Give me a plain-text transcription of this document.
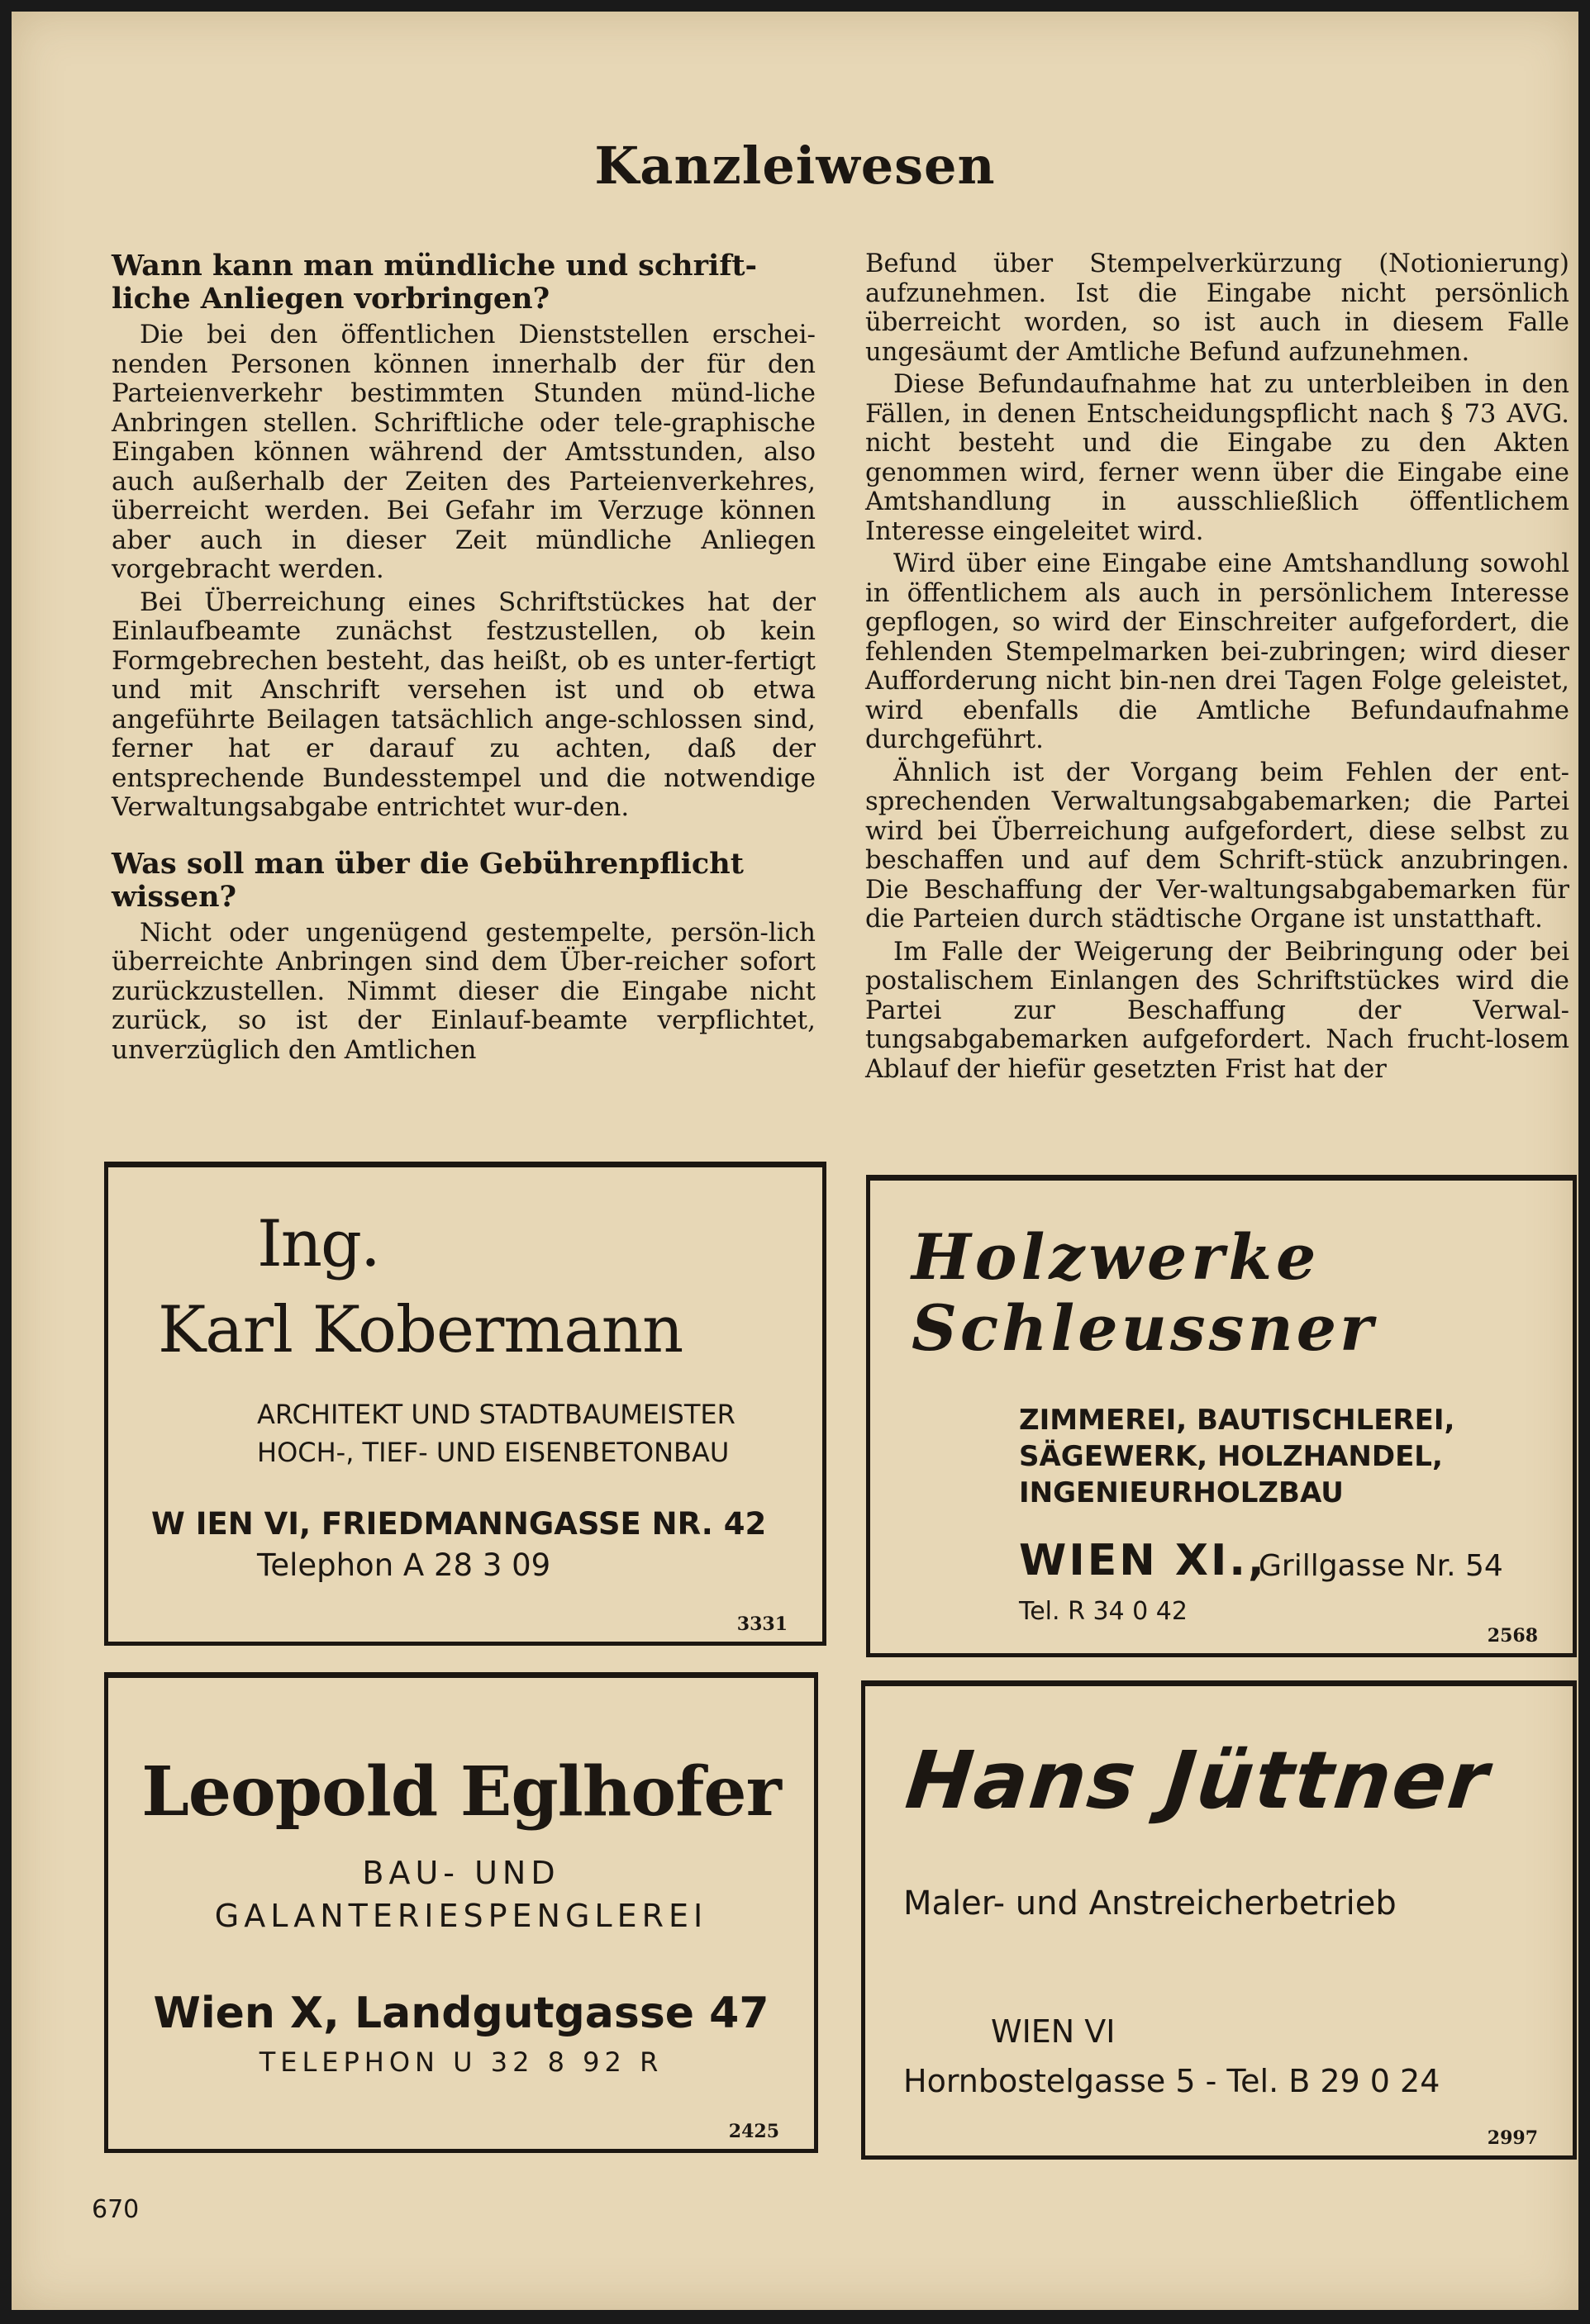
Kanzleiwesen
Wann kann man mündliche und schrift-
liche Anliegen vorbringen?

Die bei den öffentlichen Dienststellen erschei-nenden Personen können innerhalb der für den Parteienverkehr bestimmten Stunden münd-liche Anbringen stellen. Schriftliche oder tele-graphische Eingaben können während der Amtsstunden, also auch außerhalb der Zeiten des Parteienverkehres, überreicht werden. Bei Gefahr im Verzuge können aber auch in dieser Zeit mündliche Anliegen vorgebracht werden.

Bei Überreichung eines Schriftstückes hat der Einlaufbeamte zunächst festzustellen, ob kein Formgebrechen besteht, das heißt, ob es unter-fertigt und mit Anschrift versehen ist und ob etwa angeführte Beilagen tatsächlich ange-schlossen sind, ferner hat er darauf zu achten, daß der entsprechende Bundesstempel und die notwendige Verwaltungsabgabe entrichtet wur-den.

Was soll man über die Gebührenpflicht wissen?

Nicht oder ungenügend gestempelte, persön-lich überreichte Anbringen sind dem Über-reicher sofort zurückzustellen. Nimmt dieser die Eingabe nicht zurück, so ist der Einlauf-beamte verpflichtet, unverzüglich den Amtlichen

Befund über Stempelverkürzung (Notionierung) aufzunehmen. Ist die Eingabe nicht persönlich überreicht worden, so ist auch in diesem Falle ungesäumt der Amtliche Befund aufzunehmen.

Diese Befundaufnahme hat zu unterbleiben in den Fällen, in denen Entscheidungspflicht nach § 73 AVG. nicht besteht und die Eingabe zu den Akten genommen wird, ferner wenn über die Eingabe eine Amtshandlung in ausschließlich öffentlichem Interesse eingeleitet wird.

Wird über eine Eingabe eine Amtshandlung sowohl in öffentlichem als auch in persönlichem Interesse gepflogen, so wird der Einschreiter aufgefordert, die fehlenden Stempelmarken bei-zubringen; wird dieser Aufforderung nicht bin-nen drei Tagen Folge geleistet, wird ebenfalls die Amtliche Befundaufnahme durchgeführt.

Ähnlich ist der Vorgang beim Fehlen der ent-sprechenden Verwaltungsabgabemarken; die Partei wird bei Überreichung aufgefordert, diese selbst zu beschaffen und auf dem Schrift-stück anzubringen. Die Beschaffung der Ver-waltungsabgabemarken für die Parteien durch städtische Organe ist unstatthaft.

Im Falle der Weigerung der Beibringung oder bei postalischem Einlangen des Schriftstückes wird die Partei zur Beschaffung der Verwal-tungsabgabemarken aufgefordert. Nach frucht-losem Ablauf der hiefür gesetzten Frist hat der

Ing.
Karl Kobermann
ARCHITEKT UND STADTBAUMEISTER
HOCH-, TIEF- UND EISENBETONBAU
W IEN VI, FRIEDMANNGASSE NR. 42
Telephon A 28 3 09
3331
Holzwerke
Schleussner
ZIMMEREI, BAUTISCHLEREI,
SÄGEWERK, HOLZHANDEL,
INGENIEURHOLZBAU
WIEN XI.,
Grillgasse Nr. 54
Tel. R 34 0 42
2568
Leopold Eglhofer
BAU- UND
GALANTERIESPENGLEREI
Wien X, Landgutgasse 47
TELEPHON U 32 8 92 R
2425
Hans Jüttner
Maler- und Anstreicherbetrieb
WIEN VI
Hornbostelgasse 5 - Tel. B 29 0 24
2997
670
